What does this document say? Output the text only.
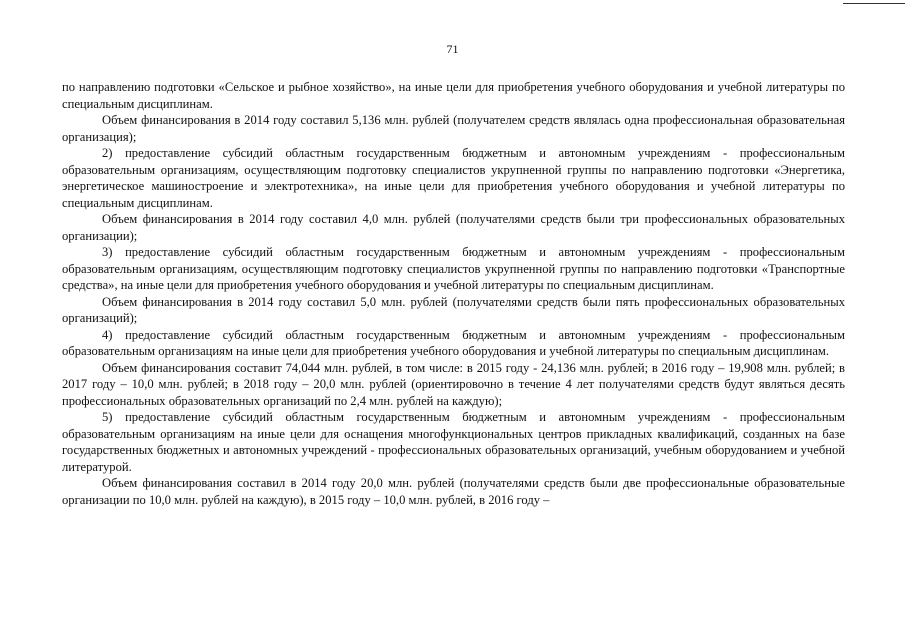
71

по направлению подготовки «Сельское и рыбное хозяйство», на иные цели для приобретения учебного оборудования и учебной литературы по специальным дисциплинам.

Объем финансирования в 2014 году составил 5,136 млн. рублей (получателем средств являлась одна профессиональная образовательная организация);

2) предоставление субсидий областным государственным бюджетным и автономным учреждениям - профессиональным образовательным организациям, осуществляющим подготовку специалистов укрупненной группы по направлению подготовки «Энергетика, энергетическое машиностроение и электротехника», на иные цели для приобретения учебного оборудования и учебной литературы по специальным дисциплинам.

Объем финансирования в 2014 году составил 4,0 млн. рублей (получателями средств были три профессиональных образовательных организации);

3) предоставление субсидий областным государственным бюджетным и автономным учреждениям - профессиональным образовательным организациям, осуществляющим подготовку специалистов укрупненной группы по направлению подготовки «Транспортные средства», на иные цели для приобретения учебного оборудования и учебной литературы по специальным дисциплинам.

Объем финансирования в 2014 году составил 5,0 млн. рублей (получателями средств были пять профессиональных образовательных организаций);

4) предоставление субсидий областным государственным бюджетным и автономным учреждениям - профессиональным образовательным организациям на иные цели для приобретения учебного оборудования и учебной литературы по специальным дисциплинам.

Объем финансирования составит 74,044 млн. рублей, в том числе: в 2015 году - 24,136 млн. рублей; в 2016 году – 19,908 млн. рублей; в 2017 году – 10,0 млн. рублей; в 2018 году – 20,0 млн. рублей (ориентировочно в течение 4 лет получателями средств будут являться десять профессиональных образовательных организаций по 2,4 млн. рублей на каждую);

5) предоставление субсидий областным государственным бюджетным и автономным учреждениям - профессиональным образовательным организациям на иные цели для оснащения многофункциональных центров прикладных квалификаций, созданных на базе государственных бюджетных и автономных учреждений - профессиональных образовательных организаций, учебным оборудованием и учебной литературой.

Объем финансирования составил в 2014 году 20,0 млн. рублей (получателями средств были две профессиональные образовательные организации по 10,0 млн. рублей на каждую), в 2015 году – 10,0 млн. рублей, в 2016 году –
